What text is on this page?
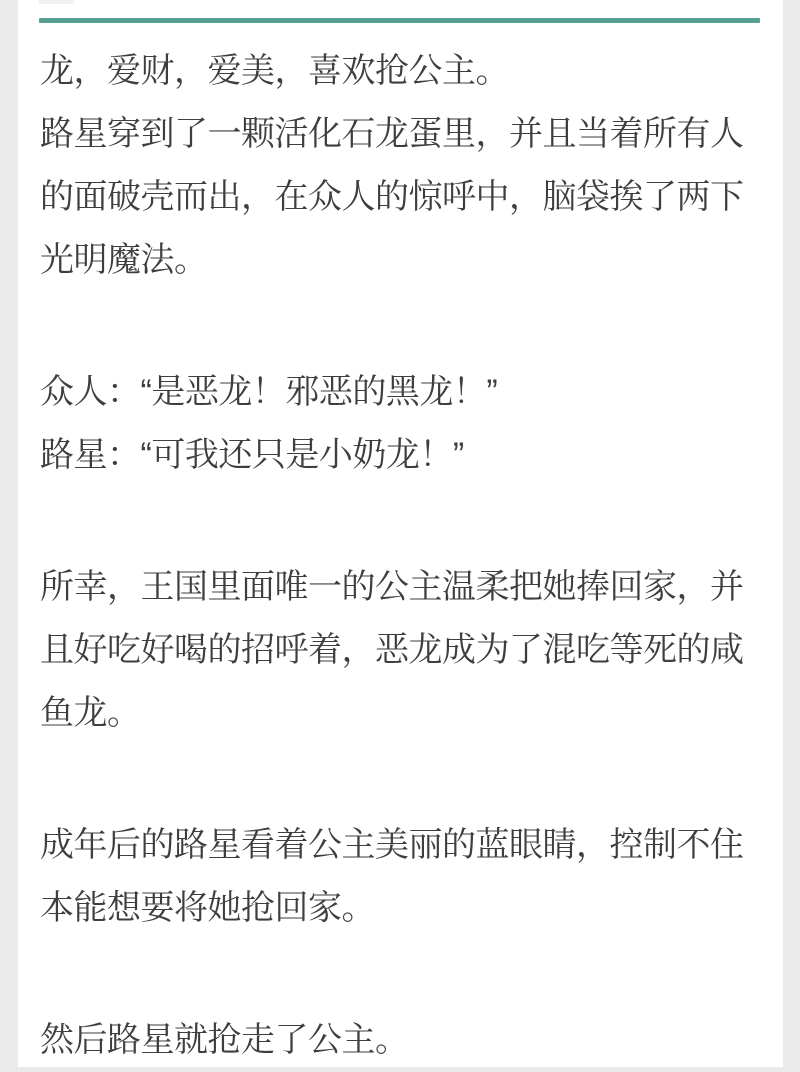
龙，爱财，爱美，喜欢抢公主。
路星穿到了一颗活化石龙蛋里，并且当着所有人
的面破壳而出，在众人的惊呼中，脑袋挨了两下
光明魔法。
众人：“是恶龙！邪恶的黑龙！”
路星：“可我还只是小奶龙！”
所幸，王国里面唯一的公主温柔把她捧回家，并
且好吃好喝的招呼着，恶龙成为了混吃等死的咸
鱼龙。
成年后的路星看着公主美丽的蓝眼睛，控制不住
本能想要将她抢回家。
然后路星就抢走了公主。
